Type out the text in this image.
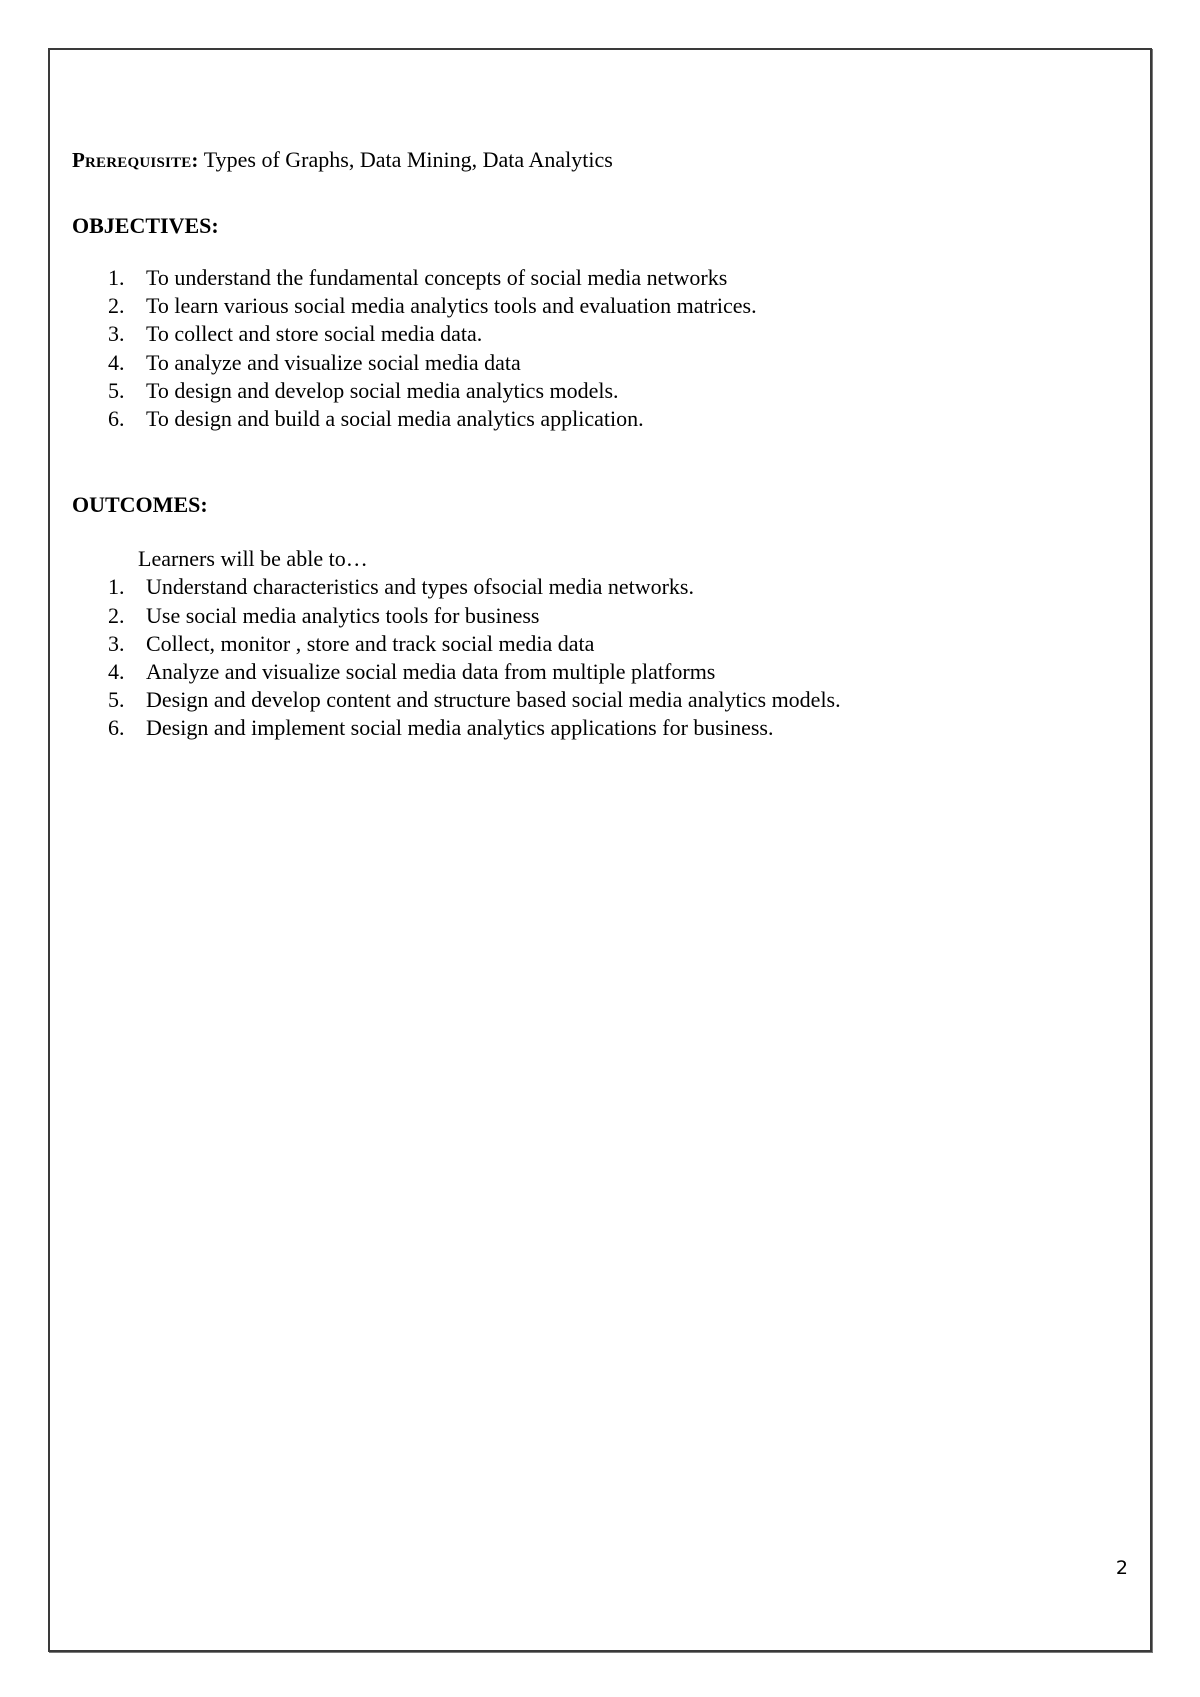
Prerequisite: Types of Graphs, Data Mining, Data Analytics

OBJECTIVES:
1. To understand the fundamental concepts of social media networks
2. To learn various social media analytics tools and evaluation matrices.
3. To collect and store social media data.
4. To analyze and visualize social media data
5. To design and develop social media analytics models.
6. To design and build a social media analytics application.
OUTCOMES:

Learners will be able to…

1. Understand characteristics and types ofsocial media networks.
2. Use social media analytics tools for business
3. Collect, monitor , store and track social media data
4. Analyze and visualize social media data from multiple platforms
5. Design and develop content and structure based social media analytics models.
6. Design and implement social media analytics applications for business.
2
